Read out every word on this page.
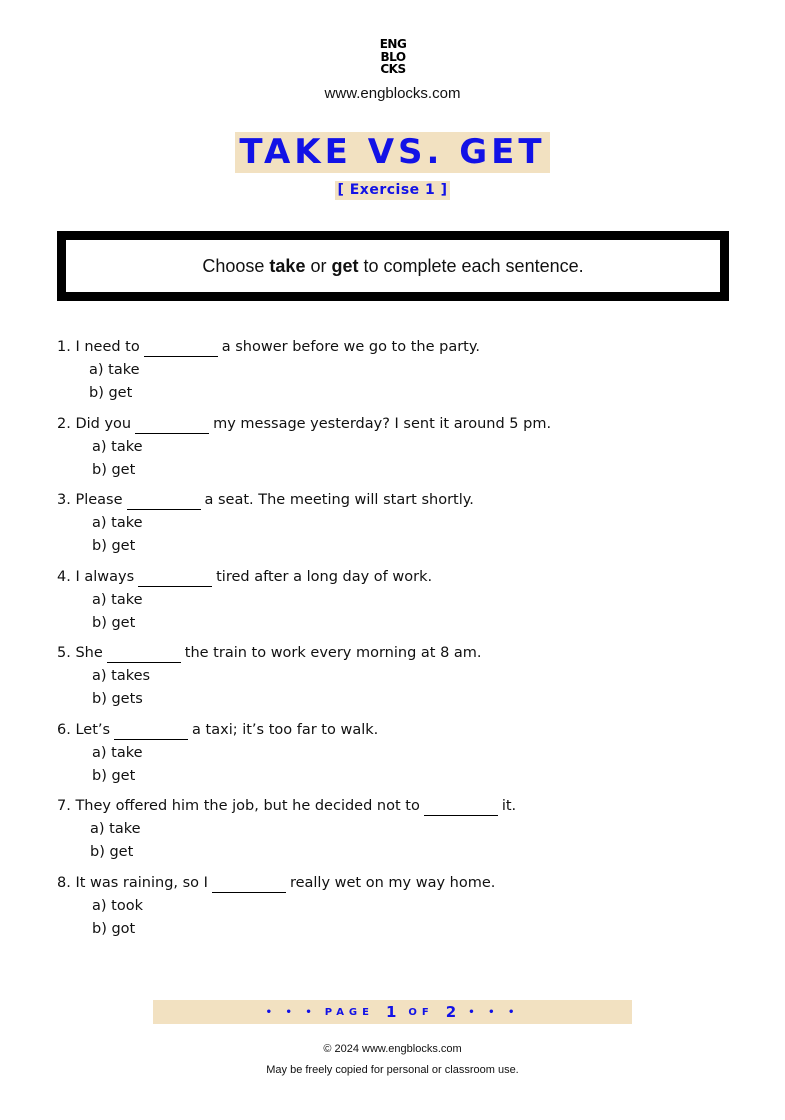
ENG
BLO
CKS
www.engblocks.com
TAKE VS. GET
[ Exercise 1 ]
Choose take or get to complete each sentence.
1. I need to	a shower before we go to the party.
a) take
b) get
2. Did you	my message yesterday? I sent it around 5 pm.
a) take
b) get
3. Please	a seat. The meeting will start shortly.
a) take
b) get
4. I always	tired after a long day of work.
a) take
b) get
5. She	the train to work every morning at 8 am.
a) takes
b) gets
6. Let’s	a taxi; it’s too far to walk.
a) take
b) get
7. They offered him the job, but he decided not to	it.
a) take
b) get
8. It was raining, so I	really wet on my way home.
a) took
b) got
• • • PAGE 1 OF 2 • • •
© 2024 www.engblocks.com
May be freely copied for personal or classroom use.
